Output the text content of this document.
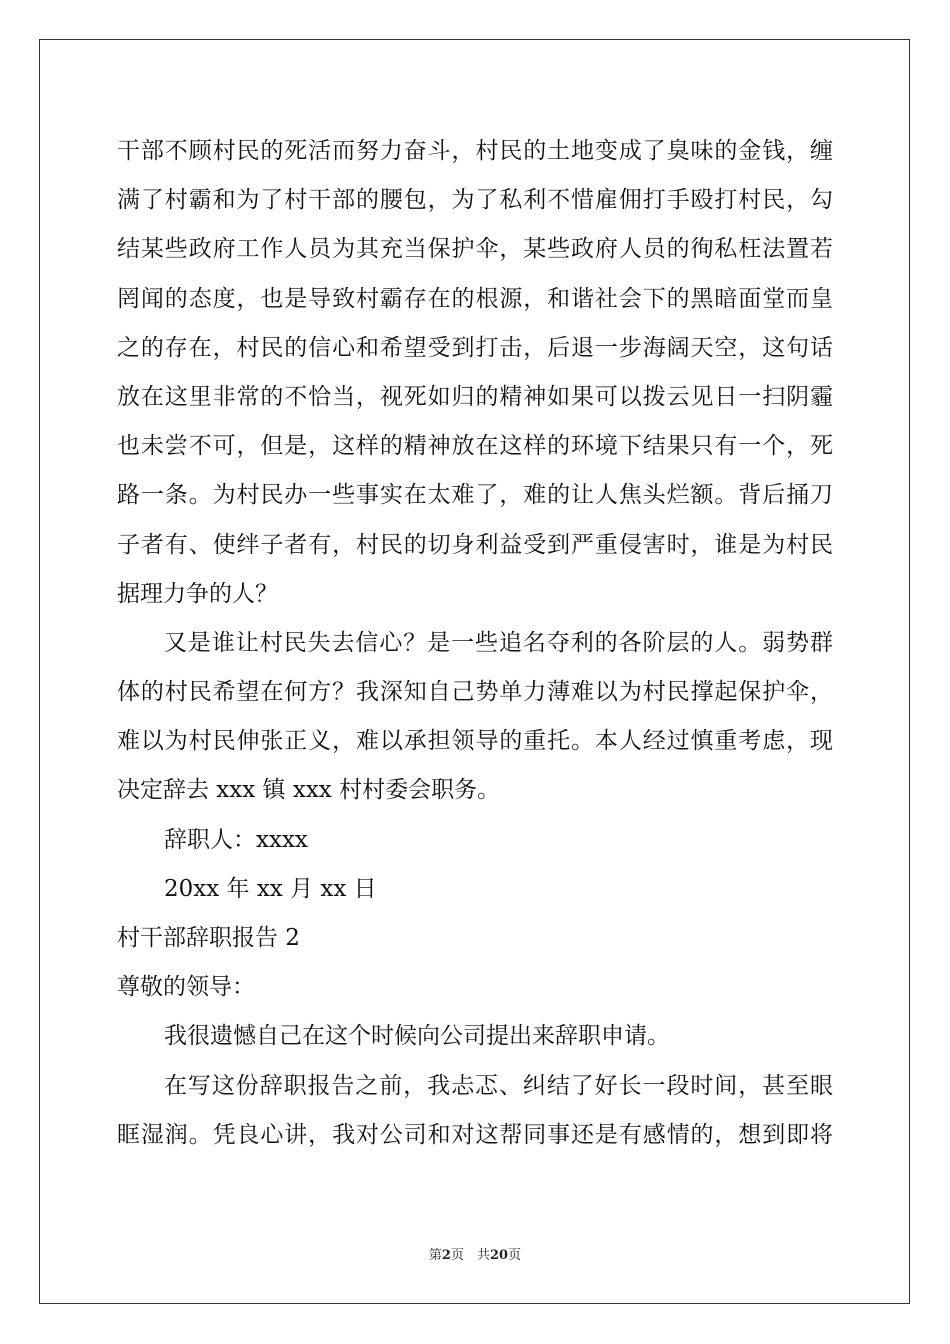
干部不顾村民的死活而努力奋斗，村民的土地变成了臭味的金钱，缠
满了村霸和为了村干部的腰包，为了私利不惜雇佣打手殴打村民，勾
结某些政府工作人员为其充当保护伞，某些政府人员的徇私枉法置若
罔闻的态度，也是导致村霸存在的根源，和谐社会下的黑暗面堂而皇
之的存在，村民的信心和希望受到打击，后退一步海阔天空，这句话
放在这里非常的不恰当，视死如归的精神如果可以拨云见日一扫阴霾
也未尝不可，但是，这样的精神放在这样的环境下结果只有一个，死
路一条。为村民办一些事实在太难了，难的让人焦头烂额。背后捅刀
子者有、使绊子者有，村民的切身利益受到严重侵害时，谁是为村民
据理力争的人？
又是谁让村民失去信心？是一些追名夺利的各阶层的人。弱势群
体的村民希望在何方？我深知自己势单力薄难以为村民撑起保护伞，
难以为村民伸张正义，难以承担领导的重托。本人经过慎重考虑，现
决定辞去 xxx 镇 xxx 村村委会职务。
辞职人：xxxx
20xx 年 xx 月 xx 日
村干部辞职报告 2
尊敬的领导：
我很遗憾自己在这个时候向公司提出来辞职申请。
在写这份辞职报告之前，我忐忑、纠结了好长一段时间，甚至眼
眶湿润。凭良心讲，我对公司和对这帮同事还是有感情的，想到即将
第2页　共20页
